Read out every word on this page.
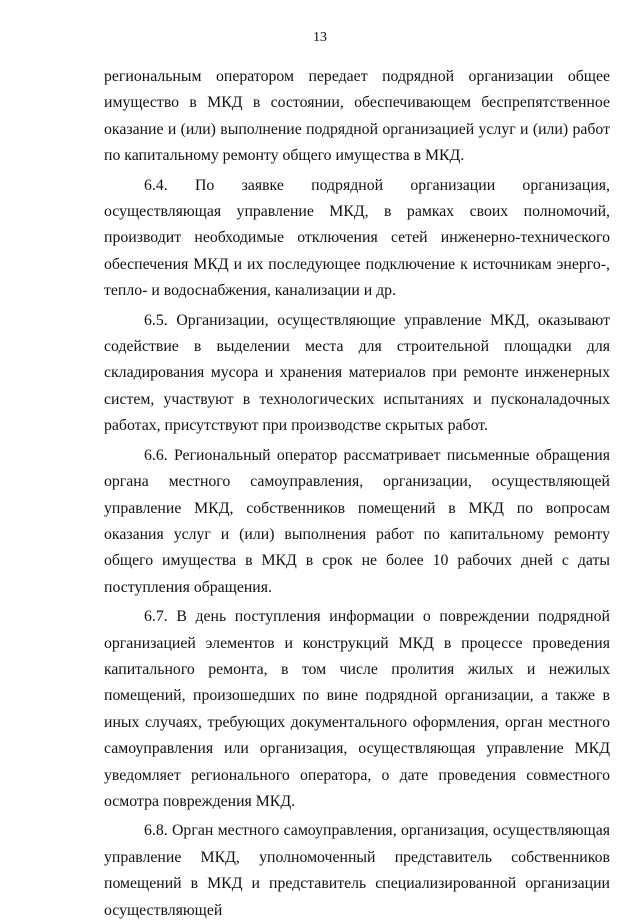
13

региональным оператором передает подрядной организации общее имущество в МКД в состоянии, обеспечивающем беспрепятственное оказание и (или) выполнение подрядной организацией услуг и (или) работ по капитальному ремонту общего имущества в МКД.

6.4. По заявке подрядной организации организация, осуществляющая управление МКД, в рамках своих полномочий, производит необходимые отключения сетей инженерно-технического обеспечения МКД и их последующее подключение к источникам энерго-, тепло- и водоснабжения, канализации и др.

6.5. Организации, осуществляющие управление МКД, оказывают содействие в выделении места для строительной площадки для складирования мусора и хранения материалов при ремонте инженерных систем, участвуют в технологических испытаниях и пусконаладочных работах, присутствуют при производстве скрытых работ.

6.6. Региональный оператор рассматривает письменные обращения органа местного самоуправления, организации, осуществляющей управление МКД, собственников помещений в МКД по вопросам оказания услуг и (или) выполнения работ по капитальному ремонту общего имущества в МКД в срок не более 10 рабочих дней с даты поступления обращения.

6.7. В день поступления информации о повреждении подрядной организацией элементов и конструкций МКД в процессе проведения капитального ремонта, в том числе пролития жилых и нежилых помещений, произошедших по вине подрядной организации, а также в иных случаях, требующих документального оформления, орган местного самоуправления или организация, осуществляющая управление МКД уведомляет регионального оператора, о дате проведения совместного осмотра повреждения МКД.

6.8. Орган местного самоуправления, организация, осуществляющая управление МКД, уполномоченный представитель собственников помещений в МКД и представитель специализированной организации осуществляющей
